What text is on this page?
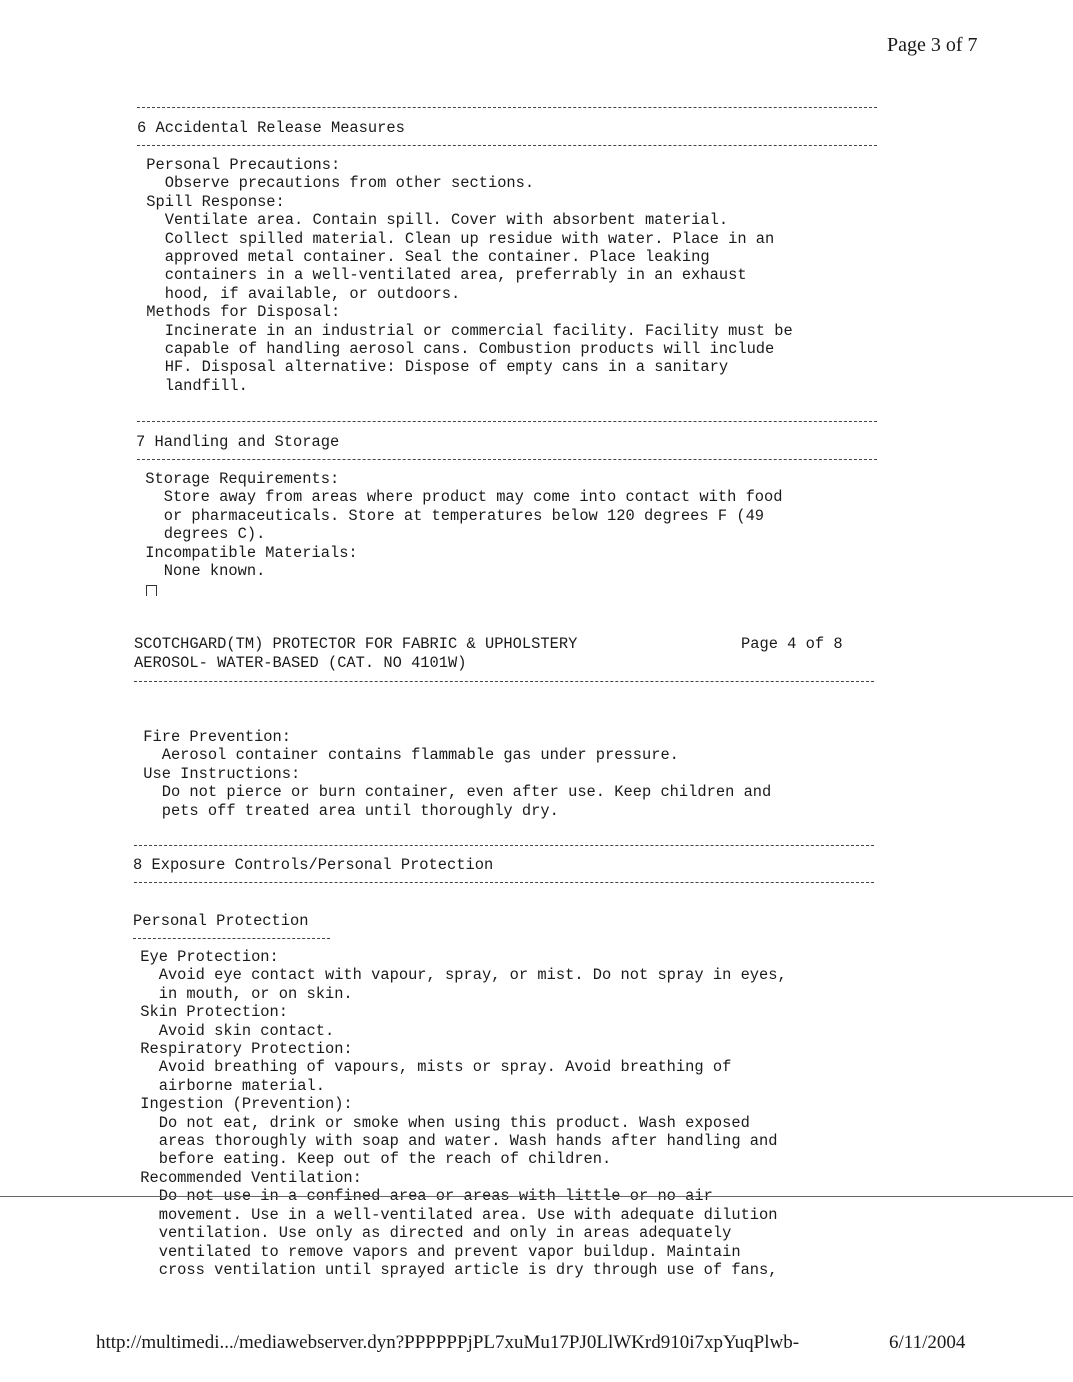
Page 3 of 7
6 Accidental Release Measures
Personal Precautions:
Observe precautions from other sections.
Spill Response:
Ventilate area. Contain spill. Cover with absorbent material.
Collect spilled material. Clean up residue with water. Place in an
approved metal container. Seal the container. Place leaking
containers in a well-ventilated area, preferrably in an exhaust
hood, if available, or outdoors.
Methods for Disposal:
Incinerate in an industrial or commercial facility. Facility must be
capable of handling aerosol cans. Combustion products will include
HF. Disposal alternative: Dispose of empty cans in a sanitary
landfill.
7 Handling and Storage
Storage Requirements:
Store away from areas where product may come into contact with food
or pharmaceuticals. Store at temperatures below 120 degrees F (49
degrees C).
Incompatible Materials:
None known.
SCOTCHGARD(TM) PROTECTOR FOR FABRIC & UPHOLSTERY	Page 4 of 8
AEROSOL- WATER-BASED (CAT. NO 4101W)
Fire Prevention:
Aerosol container contains flammable gas under pressure.
Use Instructions:
Do not pierce or burn container, even after use. Keep children and
pets off treated area until thoroughly dry.
8 Exposure Controls/Personal Protection
Personal Protection
Eye Protection:
Avoid eye contact with vapour, spray, or mist. Do not spray in eyes,
in mouth, or on skin.
Skin Protection:
Avoid skin contact.
Respiratory Protection:
Avoid breathing of vapours, mists or spray. Avoid breathing of
airborne material.
Ingestion (Prevention):
Do not eat, drink or smoke when using this product. Wash exposed
areas thoroughly with soap and water. Wash hands after handling and
before eating. Keep out of the reach of children.
Recommended Ventilation:
Do not use in a confined area or areas with little or no air
movement. Use in a well-ventilated area. Use with adequate dilution
ventilation. Use only as directed and only in areas adequately
ventilated to remove vapors and prevent vapor buildup. Maintain
cross ventilation until sprayed article is dry through use of fans,
http://multimedi.../mediawebserver.dyn?PPPPPPjPL7xuMu17PJ0LlWKrd910i7xpYuqPlwb-	6/11/2004
